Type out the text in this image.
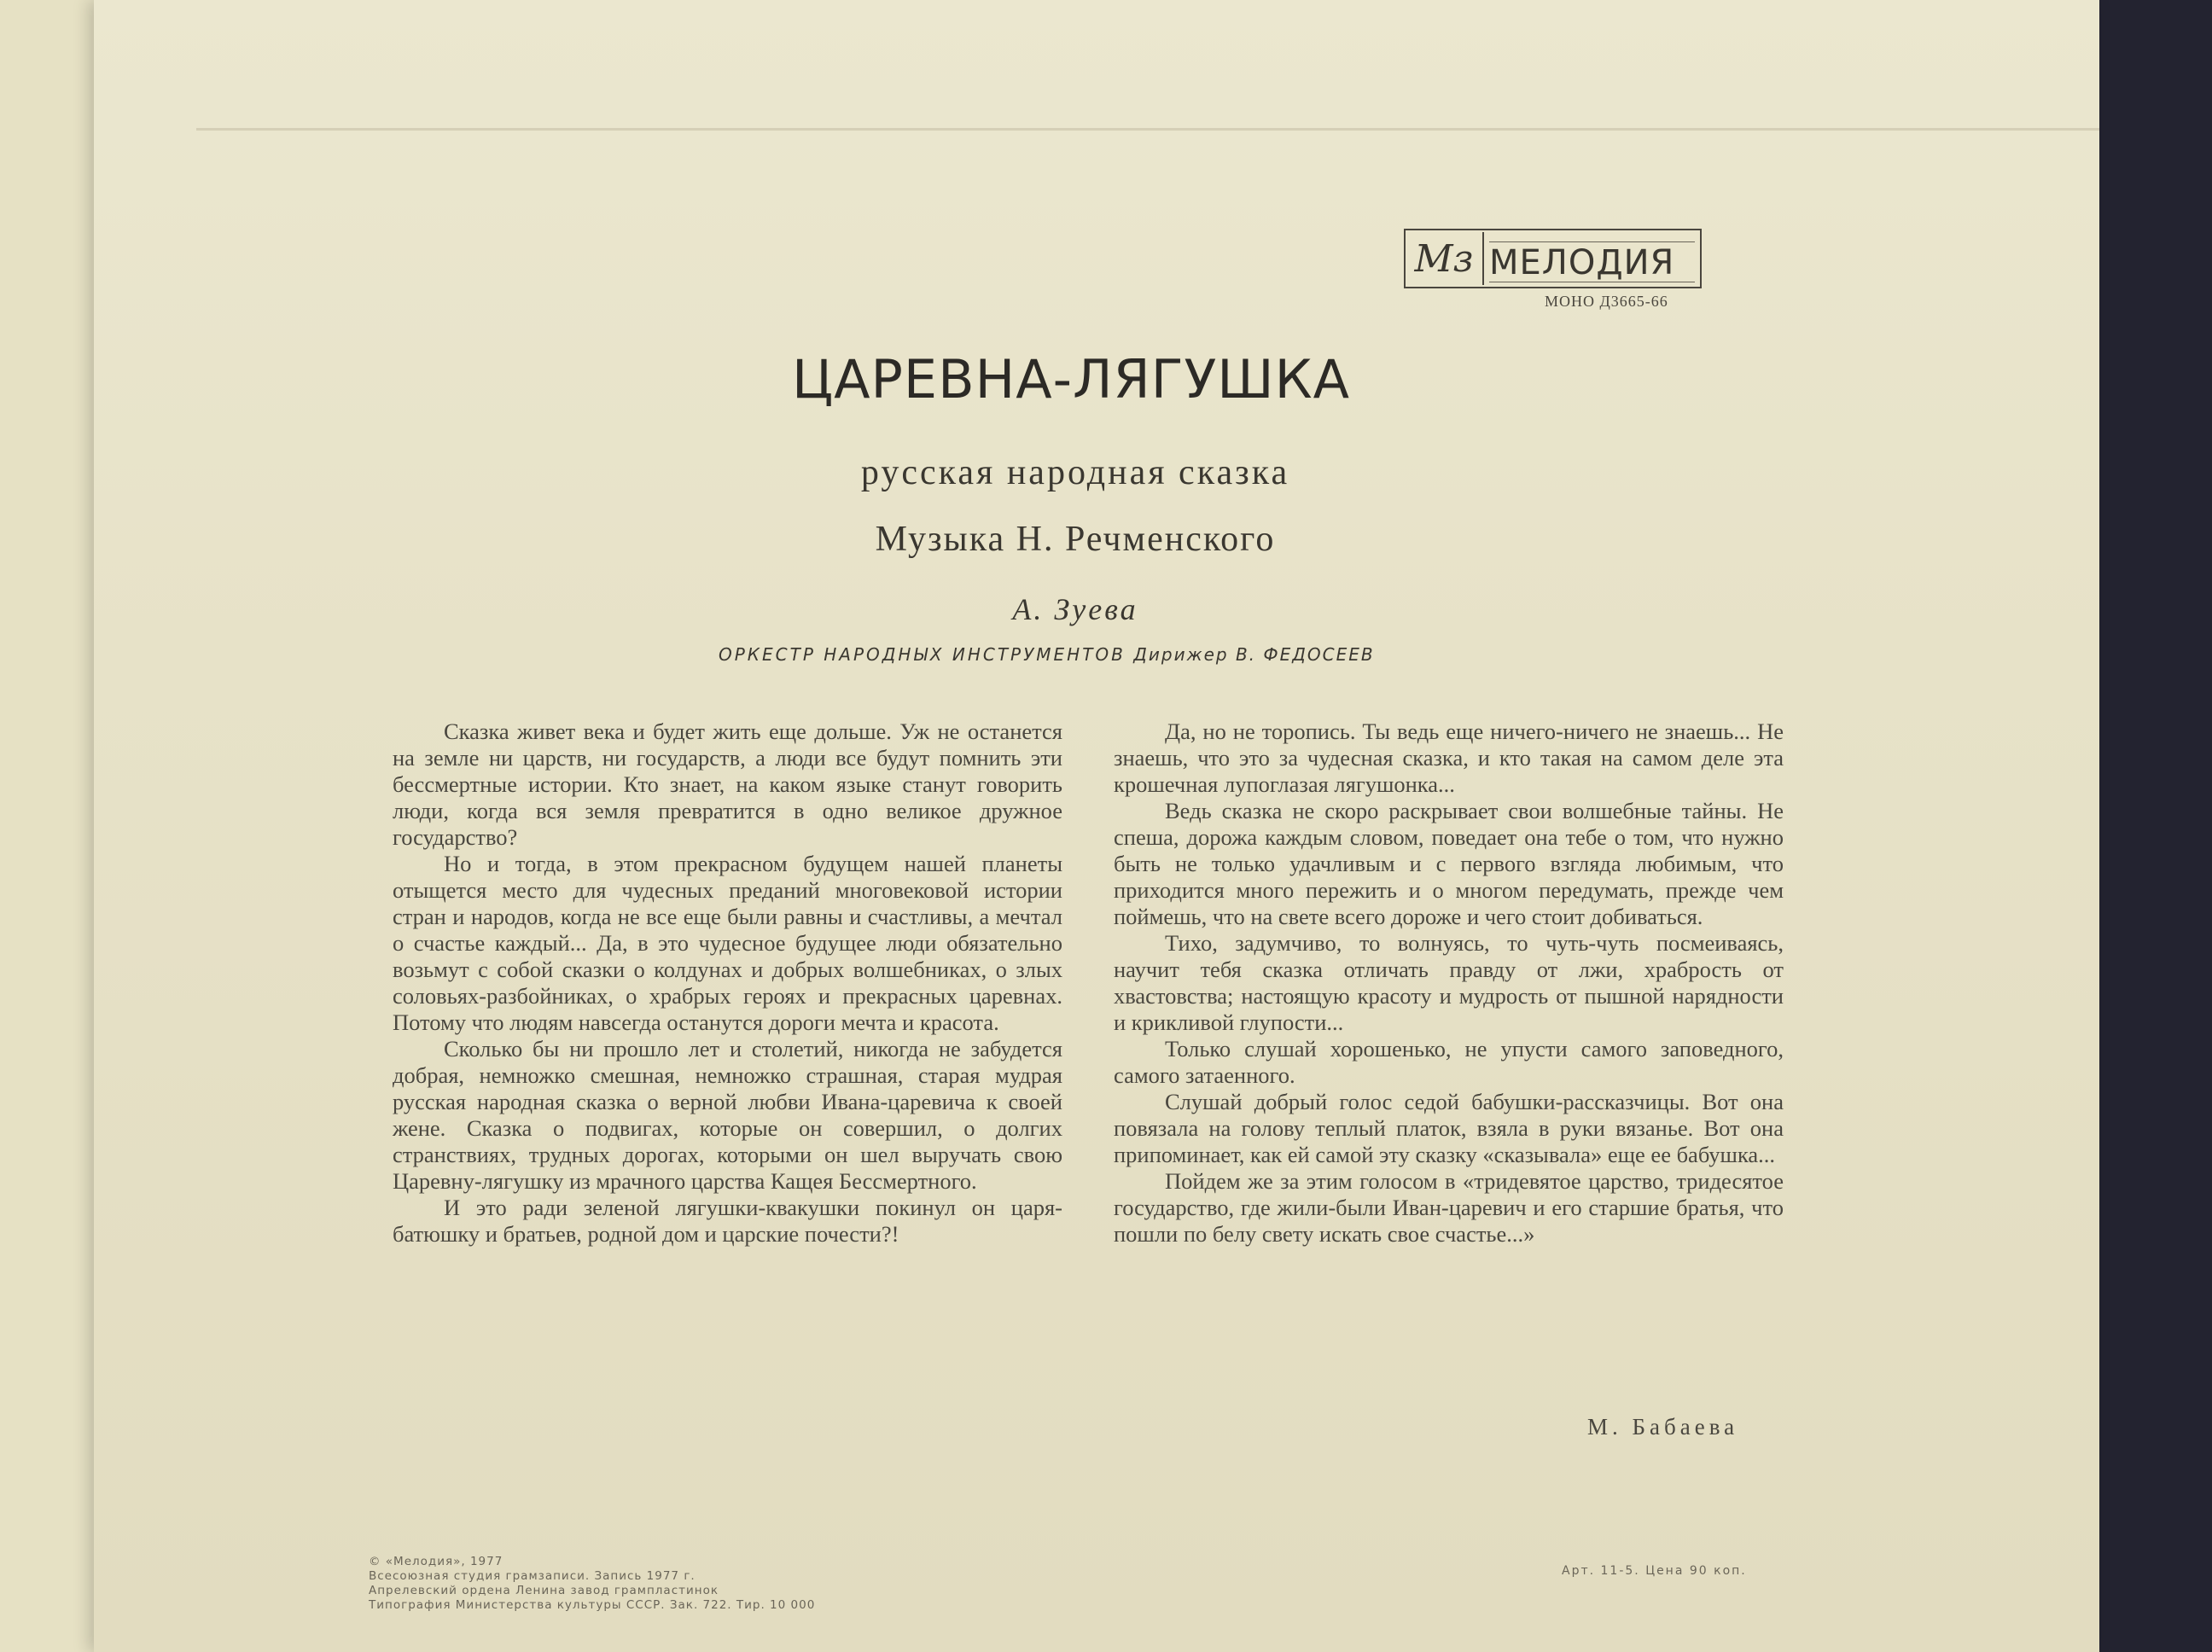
Мз МЕЛОДИЯ
МОНО Д3665-66
ЦАРЕВНА-ЛЯГУШКА
русская народная сказка
Музыка Н. Речменского
А. Зуева
ОРКЕСТР НАРОДНЫХ ИНСТРУМЕНТОВ Дирижер В. ФЕДОСЕЕВ

Сказка живет века и будет жить еще дольше. Уж не останется на земле ни царств, ни государств, а люди все будут помнить эти бессмертные истории. Кто знает, на каком языке станут говорить люди, когда вся земля превратится в одно великое дружное государство?

Но и тогда, в этом прекрасном будущем нашей планеты отыщется место для чудесных преданий многовековой истории стран и народов, когда не все еще были равны и счастливы, а мечтал о счастье каждый... Да, в это чудесное будущее люди обязательно возьмут с собой сказки о колдунах и добрых волшебниках, о злых соловьях-разбойниках, о храбрых героях и прекрасных царевнах. Потому что людям навсегда останутся дороги мечта и красота.

Сколько бы ни прошло лет и столетий, никогда не забудется добрая, немножко смешная, немножко страшная, старая мудрая русская народная сказка о верной любви Ивана-царевича к своей жене. Сказка о подвигах, которые он совершил, о долгих странствиях, трудных дорогах, которыми он шел выручать свою Царевну-лягушку из мрачного царства Кащея Бессмертного.

И это ради зеленой лягушки-квакушки покинул он царя-батюшку и братьев, родной дом и царские почести?!

Да, но не торопись. Ты ведь еще ничего-ничего не знаешь... Не знаешь, что это за чудесная сказка, и кто такая на самом деле эта крошечная лупоглазая лягушонка...

Ведь сказка не скоро раскрывает свои волшебные тайны. Не спеша, дорожа каждым словом, поведает она тебе о том, что нужно быть не только удачливым и с первого взгляда любимым, что приходится много пережить и о многом передумать, прежде чем поймешь, что на свете всего дороже и чего стоит добиваться.

Тихо, задумчиво, то волнуясь, то чуть-чуть посмеиваясь, научит тебя сказка отличать правду от лжи, храбрость от хвастовства; настоящую красоту и мудрость от пышной нарядности и крикливой глупости...

Только слушай хорошенько, не упусти самого заповедного, самого затаенного.

Слушай добрый голос седой бабушки-рассказчицы. Вот она повязала на голову теплый платок, взяла в руки вязанье. Вот она припоминает, как ей самой эту сказку «сказывала» еще ее бабушка...

Пойдем же за этим голосом в «тридевятое царство, тридесятое государство, где жили-были Иван-царевич и его старшие братья, что пошли по белу свету искать свое счастье...»

М. Бабаева
© «Мелодия», 1977
Всесоюзная студия грамзаписи. Запись 1977 г.
Апрелевский ордена Ленина завод грампластинок
Типография Министерства культуры СССР. Зак. 722. Тир. 10 000
Арт. 11-5. Цена 90 коп.
